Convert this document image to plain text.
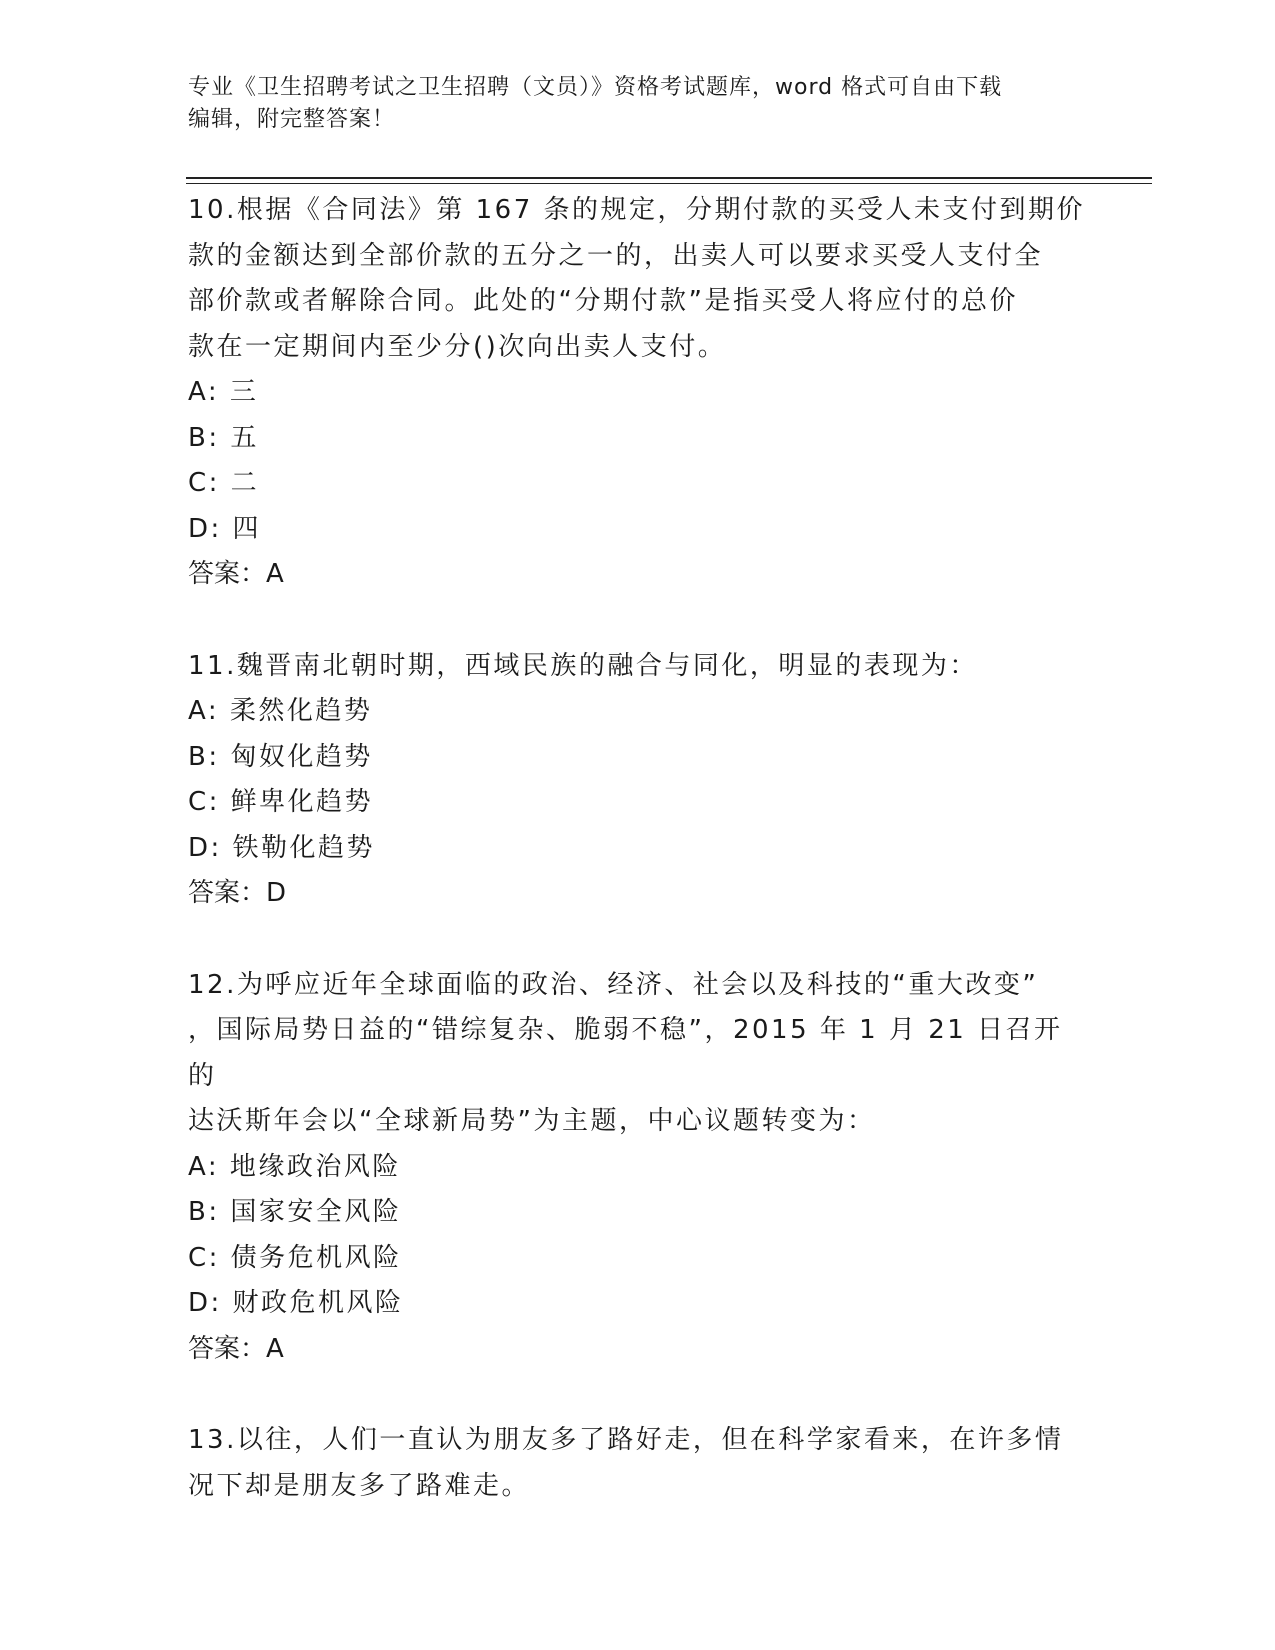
专业《卫生招聘考试之卫生招聘（文员）》资格考试题库，word 格式可自由下载
编辑，附完整答案！

10.根据《合同法》第 167 条的规定，分期付款的买受人未支付到期价

款的金额达到全部价款的五分之一的，出卖人可以要求买受人支付全

部价款或者解除合同。此处的“分期付款”是指买受人将应付的总价

款在一定期间内至少分()次向出卖人支付。

A: 三

B: 五

C: 二

D: 四

答案：A

11.魏晋南北朝时期，西域民族的融合与同化，明显的表现为：

A: 柔然化趋势

B: 匈奴化趋势

C: 鲜卑化趋势

D: 铁勒化趋势

答案：D

12.为呼应近年全球面临的政治、经济、社会以及科技的“重大改变”

，国际局势日益的“错综复杂、脆弱不稳”，2015 年 1 月 21 日召开的

达沃斯年会以“全球新局势”为主题，中心议题转变为：

A: 地缘政治风险

B: 国家安全风险

C: 债务危机风险

D: 财政危机风险

答案：A

13.以往，人们一直认为朋友多了路好走，但在科学家看来，在许多情

况下却是朋友多了路难走。
